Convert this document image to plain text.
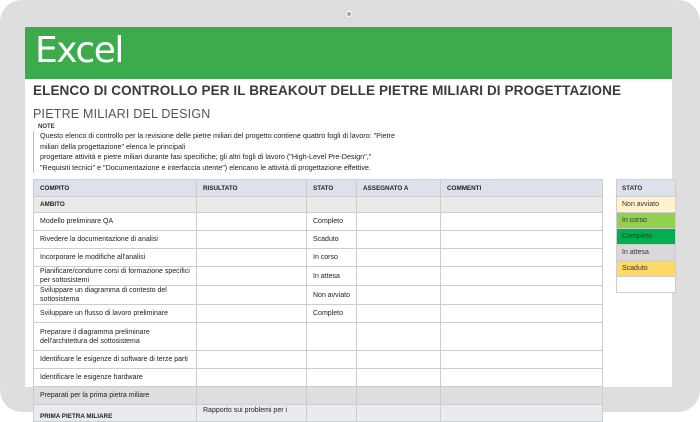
Excel
ELENCO DI CONTROLLO PER IL BREAKOUT DELLE PIETRE MILIARI DI PROGETTAZIONE
PIETRE MILIARI DEL DESIGN
NOTE
Questo elenco di controllo per la revisione delle pietre miliari del progetto contiene quattro fogli di lavoro: "Pietre
miliari della progettazione" elenca le principali
progettare attività e pietre miliari durante fasi specifiche; gli altri fogli di lavoro ("High-Level Pre-Design","
"Requisiti tecnici" e "Documentazione e interfaccia utente") elencano le attività di progettazione effettive.
COMPITO	RISULTATO	STATO	ASSEGNATO A	COMMENTI
AMBITO				
Modello preliminare QA		Completo		
Rivedere la documentazione di analisi		Scaduto		
Incorporare le modifiche all'analisi		In corso		
Pianificare/condurre corsi di formazione specifici per sottosistemi		In attesa		
Sviluppare un diagramma di contesto del sottosistema		Non avviato		
Sviluppare un flusso di lavoro preliminare		Completo		
Preparare il diagramma preliminare dell'architettura del sottosistema				
Identificare le esigenze di software di terze parti				
Identificare le esigenze hardware				
Preparati per la prima pietra miliare				
PRIMA PIETRA MILIARE	Rapporto sui problemi per i			
STATO
Non avviato
In corso
Completo
In attesa
Scaduto
